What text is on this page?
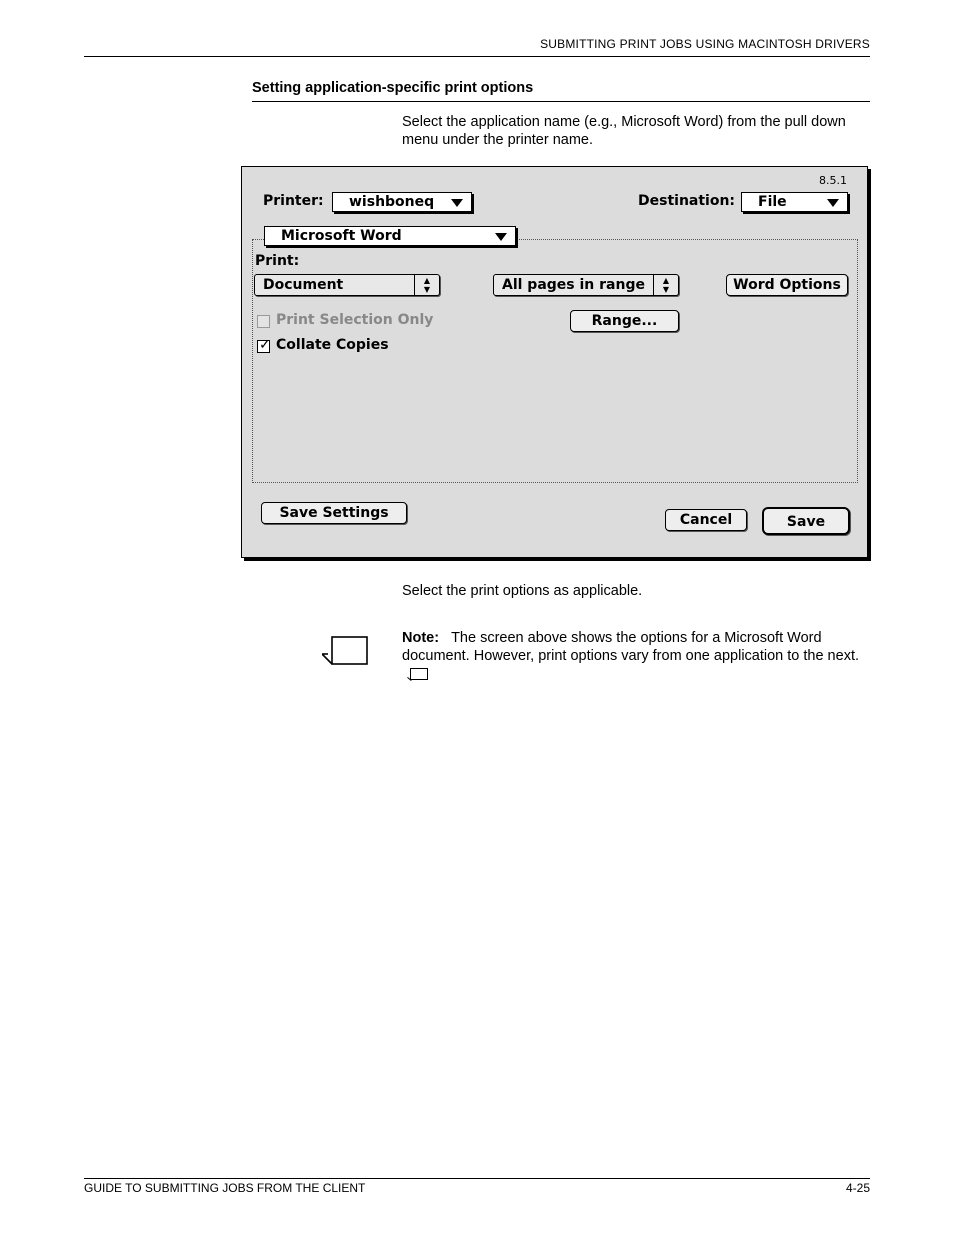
SUBMITTING PRINT JOBS USING MACINTOSH DRIVERS
Setting application-specific print options
Select the application name (e.g., Microsoft Word) from the pull down menu under the printer name.
8.5.1
Printer: wishboneq	Destination: File
Microsoft Word
Print:
Document	▲
▼	All pages in range	▲
▼	Word Options
Range...
Print Selection Only
✓ Collate Copies
Save Settings	Cancel	Save
Select the print options as applicable.
Note: The screen above shows the options for a Microsoft Word document. However, print options vary from one application to the next.
GUIDE TO SUBMITTING JOBS FROM THE CLIENT	4-25
